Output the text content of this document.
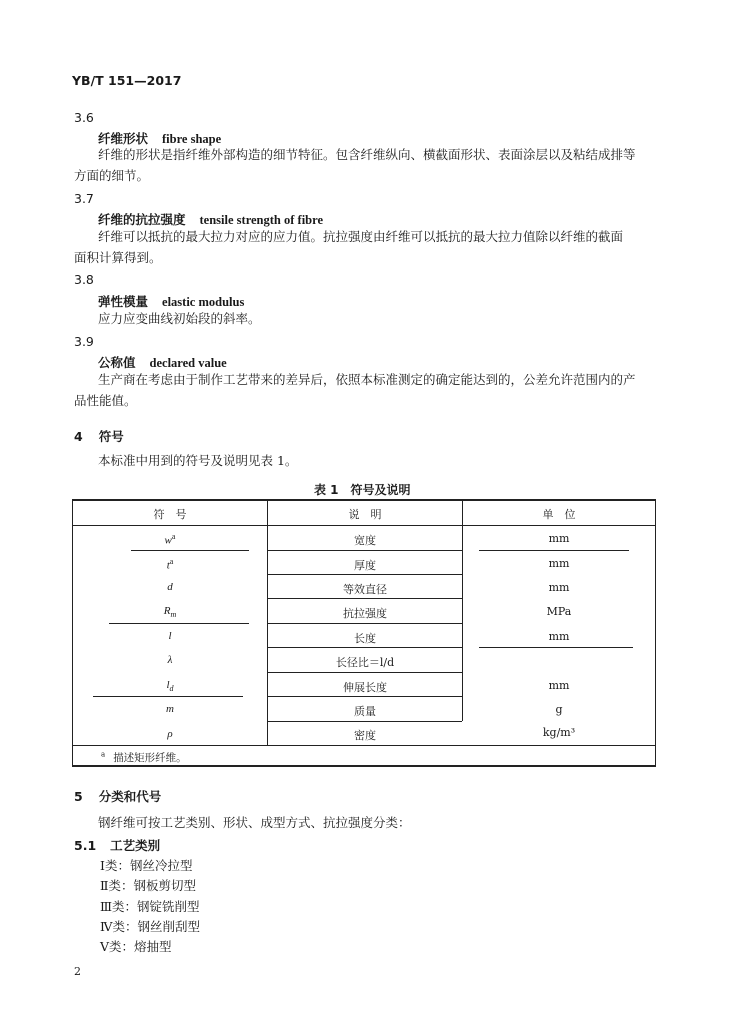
YB/T 151—2017
3.6
纤维形状 fibre shape
纤维的形状是指纤维外部构造的细节特征。包含纤维纵向、横截面形状、表面涂层以及粘结成排等
方面的细节。
3.7
纤维的抗拉强度 tensile strength of fibre
纤维可以抵抗的最大拉力对应的应力值。抗拉强度由纤维可以抵抗的最大拉力值除以纤维的截面
面积计算得到。
3.8
弹性模量 elastic modulus
应力应变曲线初始段的斜率。
3.9
公称值 declared value
生产商在考虑由于制作工艺带来的差异后，依照本标准测定的确定能达到的，公差允许范围内的产
品性能值。
4 符号
本标准中用到的符号及说明见表 1。
表 1 符号及说明
符　号	说　明	单　位
$w^a$	宽度	mm
$t^a$	厚度	mm
d	等效直径	mm
$R_m$	抗拉强度	MPa
l	长度	mm
λ	长径比＝l/d
$l_d$	伸展长度	mm
m	质量	g
ρ	密度	kg/m³
$^a$ 描述矩形纤维。
5 分类和代号
钢纤维可按工艺类别、形状、成型方式、抗拉强度分类：
5.1 工艺类别
Ⅰ类：钢丝冷拉型
Ⅱ类：钢板剪切型
Ⅲ类：钢锭铣削型
Ⅳ类：钢丝削刮型
Ⅴ类：熔抽型
2
